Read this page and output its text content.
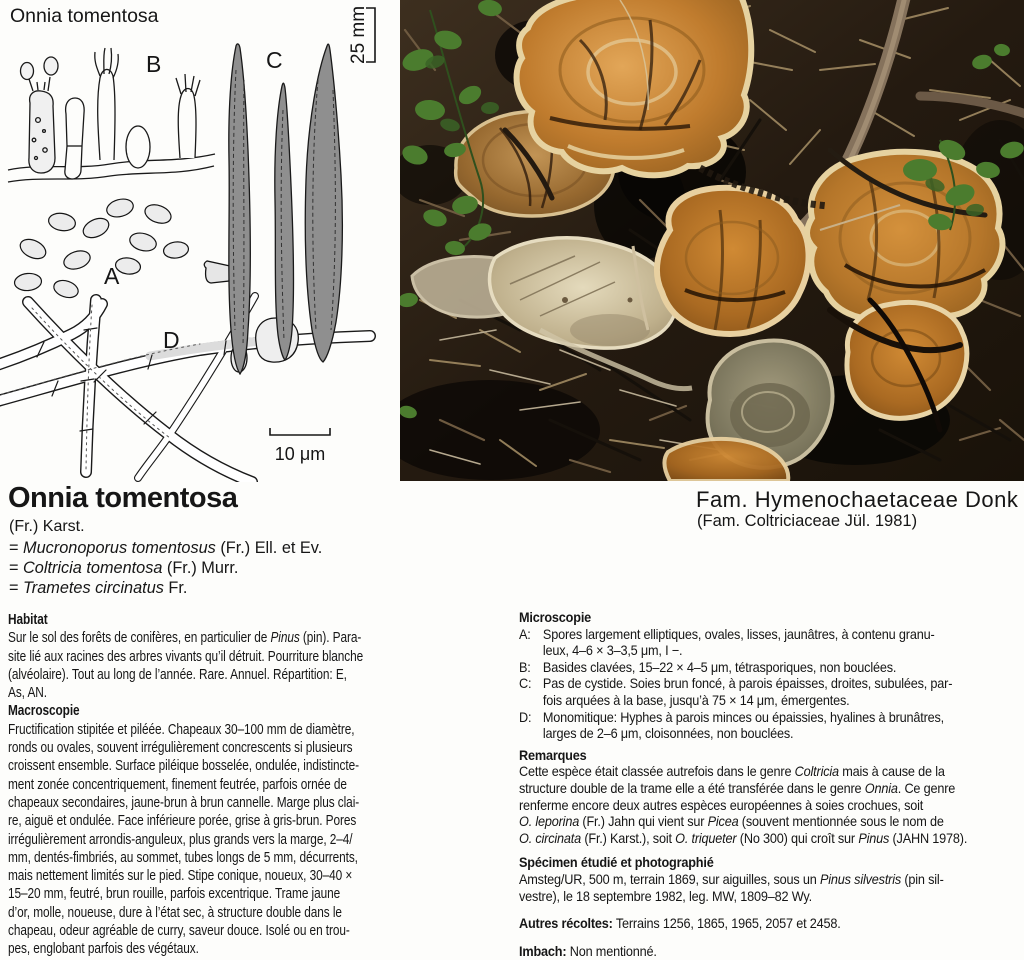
Onnia tomentosa
B	C
A
D
25 mm
10 μm
Onnia tomentosa
(Fr.) Karst.
= Mucronoporus tomentosus (Fr.) Ell. et Ev.
= Coltricia tomentosa (Fr.) Murr.
= Trametes circinatus Fr.
Fam. Hymenochaetaceae Donk
(Fam. Coltriciaceae Jül. 1981)
Habitat
Sur le sol des forêts de conifères, en particulier de Pinus (pin). Para-
site lié aux racines des arbres vivants qu’il détruit. Pourriture blanche
(alvéolaire). Tout au long de l’année. Rare. Annuel. Répartition: E,
As, AN.
Macroscopie
Fructification stipitée et piléée. Chapeaux 30–100 mm de diamètre,
ronds ou ovales, souvent irrégulièrement concrescents si plusieurs
croissent ensemble. Surface piléique bosselée, ondulée, indistincte-
ment zonée concentriquement, finement feutrée, parfois ornée de
chapeaux secondaires, jaune-brun à brun cannelle. Marge plus clai-
re, aiguë et ondulée. Face inférieure porée, grise à gris-brun. Pores
irrégulièrement arrondis-anguleux, plus grands vers la marge, 2–4/
mm, dentés-fimbriés, au sommet, tubes longs de 5 mm, décurrents,
mais nettement limités sur le pied. Stipe conique, noueux, 30–40 ×
15–20 mm, feutré, brun rouille, parfois excentrique. Trame jaune
d’or, molle, noueuse, dure à l’état sec, à structure double dans le
chapeau, odeur agréable de curry, saveur douce. Isolé ou en trou-
pes, englobant parfois des végétaux.
Microscopie
A: Spores largement elliptiques, ovales, lisses, jaunâtres, à contenu granu-
leux, 4–6 × 3–3,5 μm, I −.
B: Basides clavées, 15–22 × 4–5 μm, tétrasporiques, non bouclées.
C: Pas de cystide. Soies brun foncé, à parois épaisses, droites, subulées, par-
fois arquées à la base, jusqu’à 75 × 14 μm, émergentes.
D: Monomitique: Hyphes à parois minces ou épaissies, hyalines à brunâtres,
larges de 2–6 μm, cloisonnées, non bouclées.
Remarques
Cette espèce était classée autrefois dans le genre Coltricia mais à cause de la
structure double de la trame elle a été transférée dans le genre Onnia. Ce genre
renferme encore deux autres espèces européennes à soies crochues, soit
O. leporina (Fr.) Jahn qui vient sur Picea (souvent mentionnée sous le nom de
O. circinata (Fr.) Karst.), soit O. triqueter (No 300) qui croît sur Pinus (JAHN 1978).
Spécimen étudié et photographié
Amsteg/UR, 500 m, terrain 1869, sur aiguilles, sous un Pinus silvestris (pin sil-
vestre), le 18 septembre 1982, leg. MW, 1809–82 Wy.
Autres récoltes: Terrains 1256, 1865, 1965, 2057 et 2458.
Imbach: Non mentionné.
